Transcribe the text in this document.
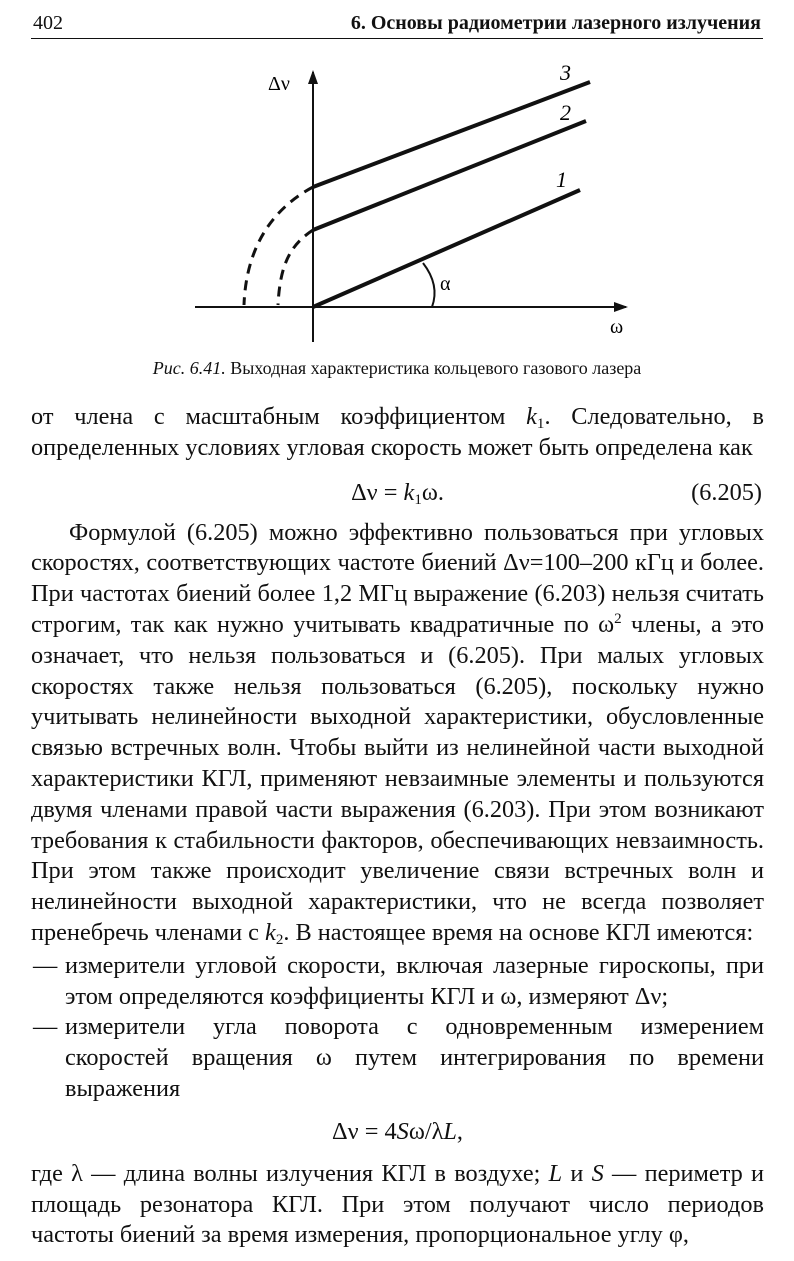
402	6. Основы радиометрии лазерного излучения
Δν
ω
α
1
2
3
Рис. 6.41. Выходная характеристика кольцевого газового лазера

от члена с масштабным коэффициентом $k_1$. Следовательно, в определенных условиях угловая скорость может быть определена как

$\Delta\nu = k_1\omega$.	(6.205)

Формулой (6.205) можно эффективно пользоваться при угловых скоростях, соответствующих частоте биений Δν=100–200 кГц и более. При частотах биений более 1,2 МГц выражение (6.203) нельзя считать строгим, так как нужно учитывать квадратичные по $\omega^2$ члены, а это означает, что нельзя пользоваться и (6.205). При малых угловых скоростях также нельзя пользоваться (6.205), поскольку нужно учитывать нелинейности выходной характеристики, обусловленные связью встречных волн. Чтобы выйти из нелинейной части выходной характеристики КГЛ, применяют невзаимные элементы и пользуются двумя членами правой части выражения (6.203). При этом возникают требования к стабильности факторов, обеспечивающих невзаимность. При этом также происходит увеличение связи встречных волн и нелинейности выходной характеристики, что не всегда позволяет пренебречь членами с $k_2$. В настоящее время на основе КГЛ имеются:

— измерители угловой скорости, включая лазерные гироскопы, при этом определяются коэффициенты КГЛ и ω, измеряют Δν;
— измерители угла поворота с одновременным измерением скоростей вращения ω путем интегрирования по времени выражения
Δν = 4Sω/λL,

где λ — длина волны излучения КГЛ в воздухе; L и S — периметр и площадь резонатора КГЛ. При этом получают число периодов частоты биений за время измерения, пропорциональное углу φ,
